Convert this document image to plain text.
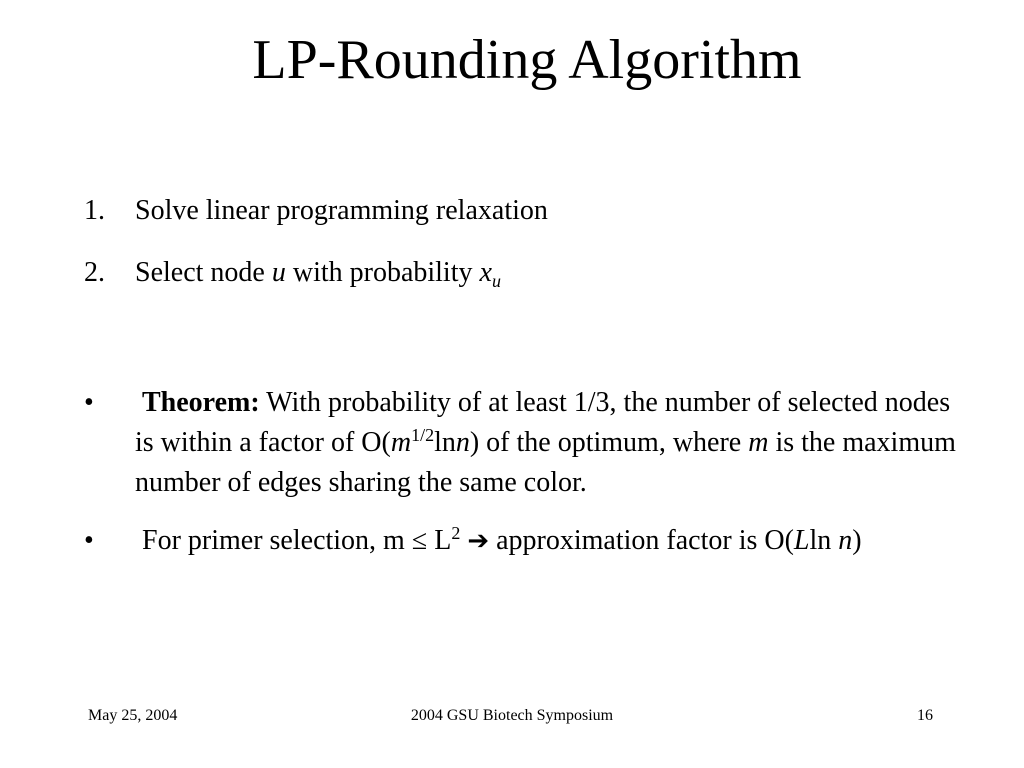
LP-Rounding Algorithm
1.	Solve linear programming relaxation
2.	Select node u with probability $x_u$
•	Theorem: With probability of at least 1/3, the number of selected nodes is within a factor of $O(m^{1/2}\ln n)$ of the optimum, where m is the maximum number of edges sharing the same color.
•	For primer selection, $m \le L^2$ ➔ approximation factor is O(Lln n)
May 25, 2004	2004 GSU Biotech Symposium	16
